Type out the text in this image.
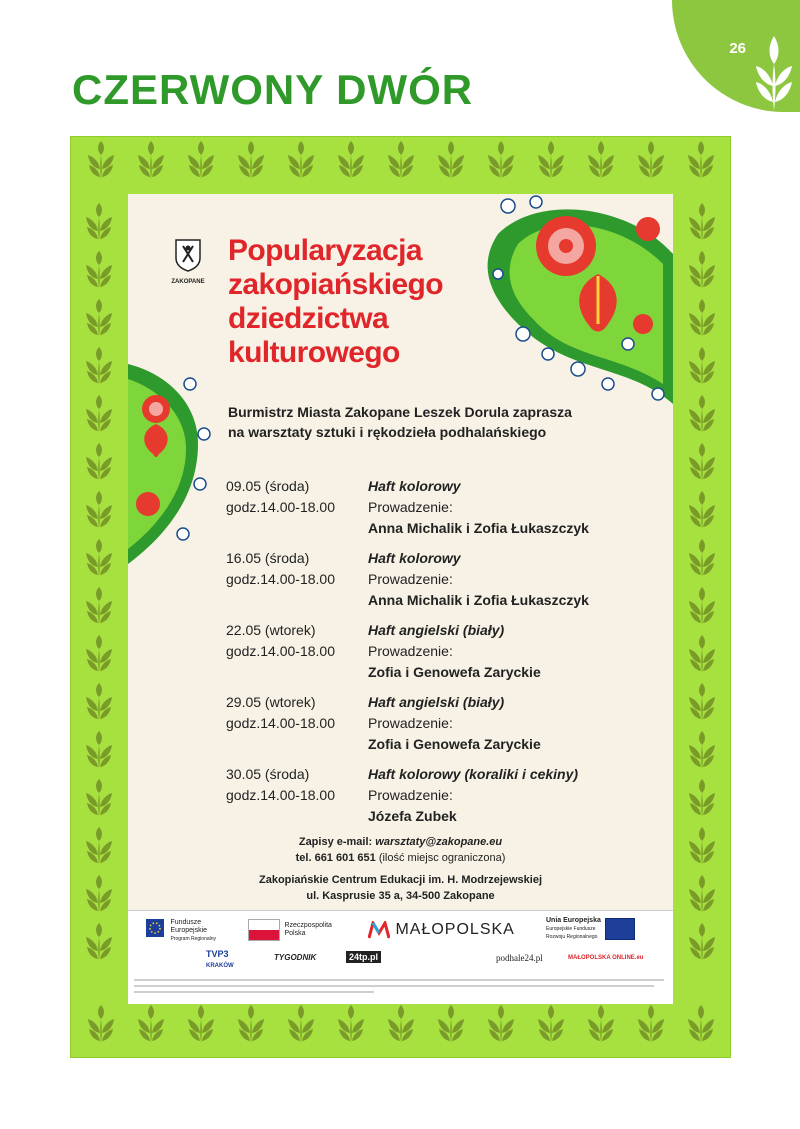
26
CZERWONY DWÓR
ZAKOPANE
Popularyzacja
zakopiańskiego
dziedzictwa
kulturowego

Burmistrz Miasta Zakopane Leszek Dorula zaprasza
na warsztaty sztuki i rękodzieła podhalańskiego

09.05 (środa)
godz.14.00-18.00
Haft kolorowy
Prowadzenie:
Anna Michalik i Zofia Łukaszczyk
16.05 (środa)
godz.14.00-18.00
Haft kolorowy
Prowadzenie:
Anna Michalik i Zofia Łukaszczyk
22.05 (wtorek)
godz.14.00-18.00
Haft angielski (biały)
Prowadzenie:
Zofia i Genowefa Zaryckie
29.05 (wtorek)
godz.14.00-18.00
Haft angielski (biały)
Prowadzenie:
Zofia i Genowefa Zaryckie
30.05 (środa)
godz.14.00-18.00
Haft kolorowy (koraliki i cekiny)
Prowadzenie:
Józefa Zubek
Zapisy e-mail: warsztaty@zakopane.eu
tel. 661 601 651 (ilość miejsc ograniczona)
Zakopiańskie Centrum Edukacji im. H. Modrzejewskiej
ul. Kasprusie 35 a, 34-500 Zakopane
Fundusze
Europejskie
Program Regionalny
Rzeczpospolita
Polska	MAŁOPOLSKA
Unia Europejska
Europejskie Fundusze
Rozwoju Regionalnego
TVP3
KRAKÓW
TYGODNIK	24tp.pl	podhale24.pl	MAŁOPOLSKA ONLINE.eu
